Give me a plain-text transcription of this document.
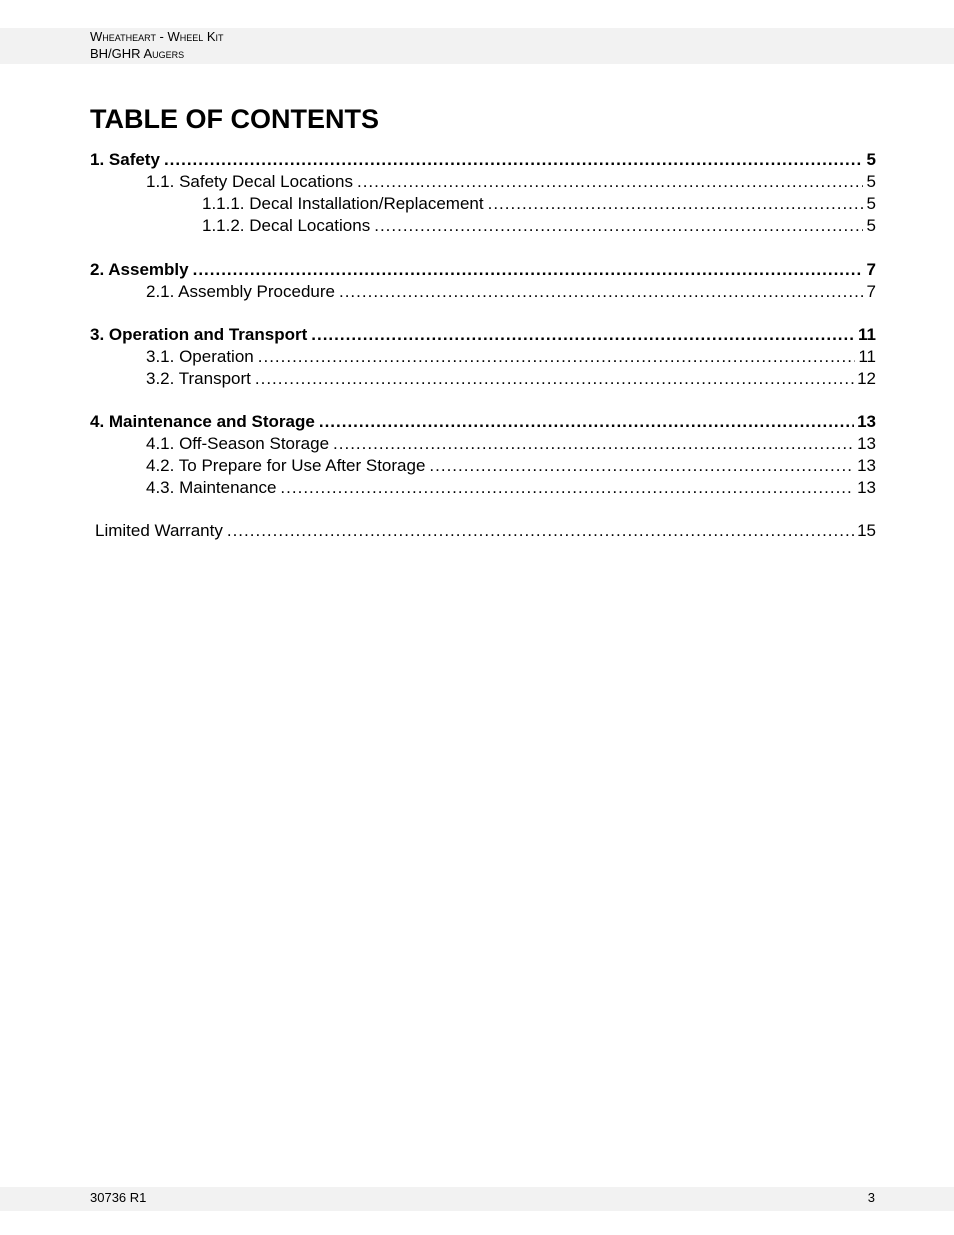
Wheatheart - Wheel Kit
BH/GHR Augers
TABLE OF CONTENTS
1. Safety .....	5
1.1. Safety Decal Locations .....	5
1.1.1. Decal Installation/Replacement .....	5
1.1.2. Decal Locations .....	5
2. Assembly .....	7
2.1. Assembly Procedure .....	7
3. Operation and Transport .....	11
3.1. Operation .....	11
3.2. Transport .....	12
4. Maintenance and Storage .....	13
4.1. Off-Season Storage .....	13
4.2. To Prepare for Use After Storage .....	13
4.3. Maintenance .....	13
Limited Warranty .....	15
30736 R1	3
